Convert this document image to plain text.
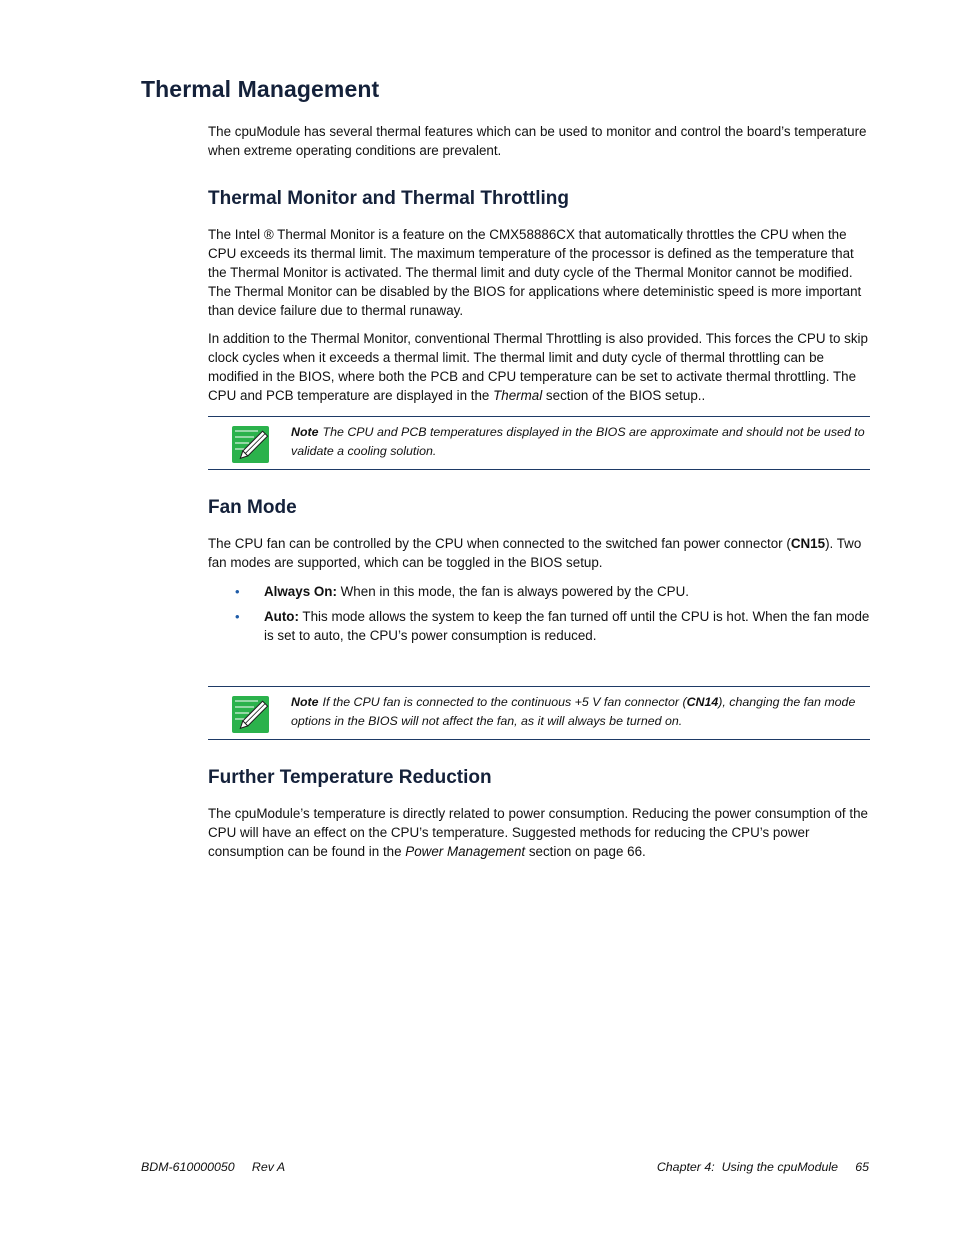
Thermal Management

The cpuModule has several thermal features which can be used to monitor and control the board’s temperature when extreme operating conditions are prevalent.

Thermal Monitor and Thermal Throttling

The Intel ® Thermal Monitor is a feature on the CMX58886CX that automatically throttles the CPU when the CPU exceeds its thermal limit. The maximum temperature of the processor is defined as the temperature that the Thermal Monitor is activated. The thermal limit and duty cycle of the Thermal Monitor cannot be modified. The Thermal Monitor can be disabled by the BIOS for applications where deteministic speed is more important than device failure due to thermal runaway.

In addition to the Thermal Monitor, conventional Thermal Throttling is also provided. This forces the CPU to skip clock cycles when it exceeds a thermal limit. The thermal limit and duty cycle of thermal throttling can be modified in the BIOS, where both the PCB and CPU temperature can be set to activate thermal throttling. The CPU and PCB temperature are displayed in the Thermal section of the BIOS setup..

Note The CPU and PCB temperatures displayed in the BIOS are approximate and should not be used to validate a cooling solution.
Fan Mode

The CPU fan can be controlled by the CPU when connected to the switched fan power connector (CN15). Two fan modes are supported, which can be toggled in the BIOS setup.

• Always On: When in this mode, the fan is always powered by the CPU.
• Auto: This mode allows the system to keep the fan turned off until the CPU is hot. When the fan mode is set to auto, the CPU’s power consumption is reduced.
Note If the CPU fan is connected to the continuous +5 V fan connector (CN14), changing the fan mode options in the BIOS will not affect the fan, as it will always be turned on.
Further Temperature Reduction

The cpuModule’s temperature is directly related to power consumption. Reducing the power consumption of the CPU will have an effect on the CPU’s temperature. Suggested methods for reducing the CPU’s power consumption can be found in the Power Management section on page 66.

BDM-610000050     Rev A	Chapter 4:  Using the cpuModule     65
